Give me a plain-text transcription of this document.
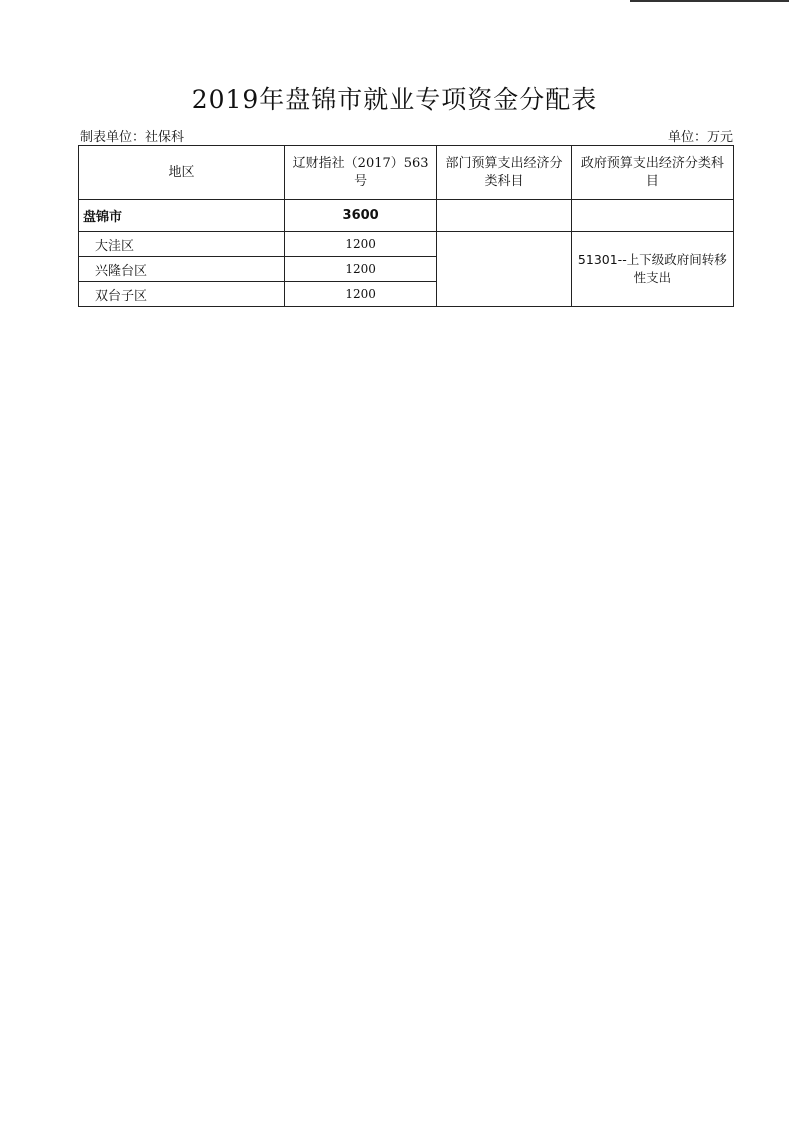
2019年盘锦市就业专项资金分配表
制表单位：社保科	单位：万元
地区	辽财指社（2017）563号	部门预算支出经济分类科目	政府预算支出经济分类科目
盘锦市	3600		
大洼区	1200		51301--上下级政府间转移性支出
兴隆台区	1200		
双台子区	1200		
